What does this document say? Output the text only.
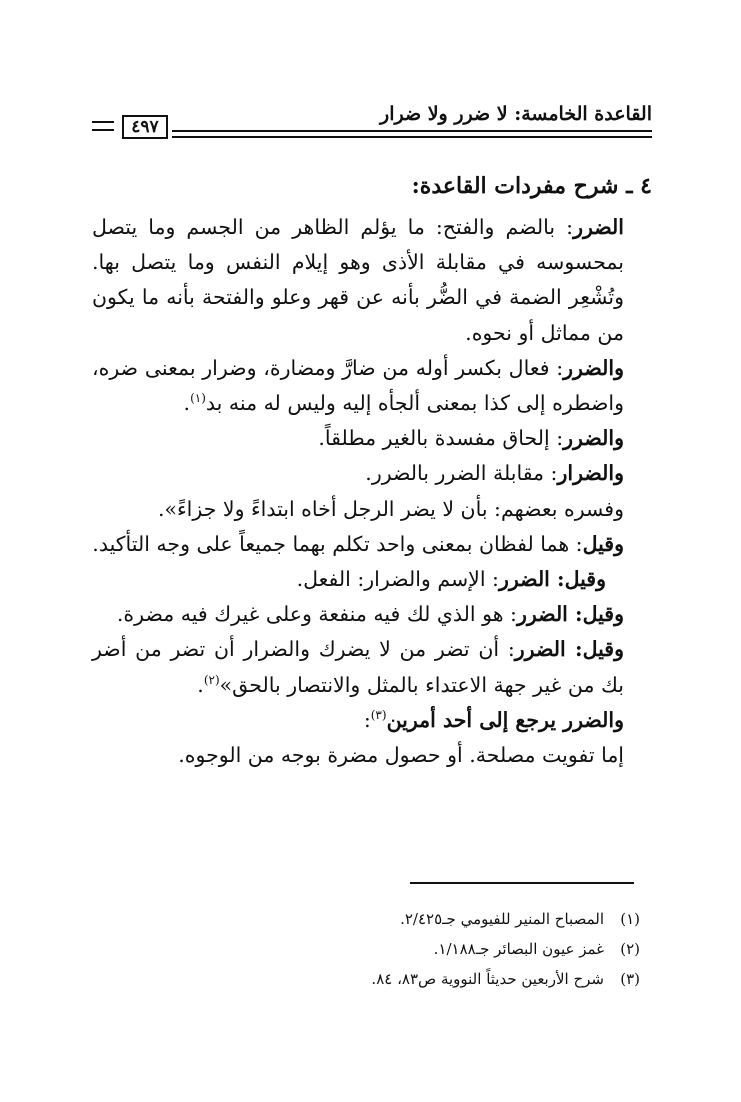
٤٩٧
القاعدة الخامسة: لا ضرر ولا ضرار

٤ ـ شرح مفردات القاعدة:

الضرر: بالضم والفتح: ما يؤلم الظاهر من الجسم وما يتصل بمحسوسه في مقابلة الأذى وهو إيلام النفس وما يتصل بها. وتُشْعِر الضمة في الضُّر بأنه عن قهر وعلو والفتحة بأنه ما يكون من مماثل أو نحوه.

والضرر: فعال بكسر أوله من ضارَّ ومضارة، وضرار بمعنى ضره، واضطره إلى كذا بمعنى ألجأه إليه وليس له منه بد$^{(١)}$.

والضرر: إلحاق مفسدة بالغير مطلقاً.

والضرار: مقابلة الضرر بالضرر.

وفسره بعضهم: بأن لا يضر الرجل أخاه ابتداءً ولا جزاءً».

وقيل: هما لفظان بمعنى واحد تكلم بهما جميعاً على وجه التأكيد.

وقيل: الضرر: الإسم والضرار: الفعل.

وقيل: الضرر: هو الذي لك فيه منفعة وعلى غيرك فيه مضرة.

وقيل: الضرر: أن تضر من لا يضرك والضرار أن تضر من أضر بك من غير جهة الاعتداء بالمثل والانتصار بالحق»$^{(٢)}$.

والضرر يرجع إلى أحد أمرين$^{(٣)}$:

إما تفويت مصلحة. أو حصول مضرة بوجه من الوجوه.

(١)المصباح المنير للفيومي جـ٢/٤٢٥.

(٢)غمز عيون البصائر جـ١/١٨٨.

(٣)شرح الأربعين حديثاً النووية ص٨٣، ٨٤.
